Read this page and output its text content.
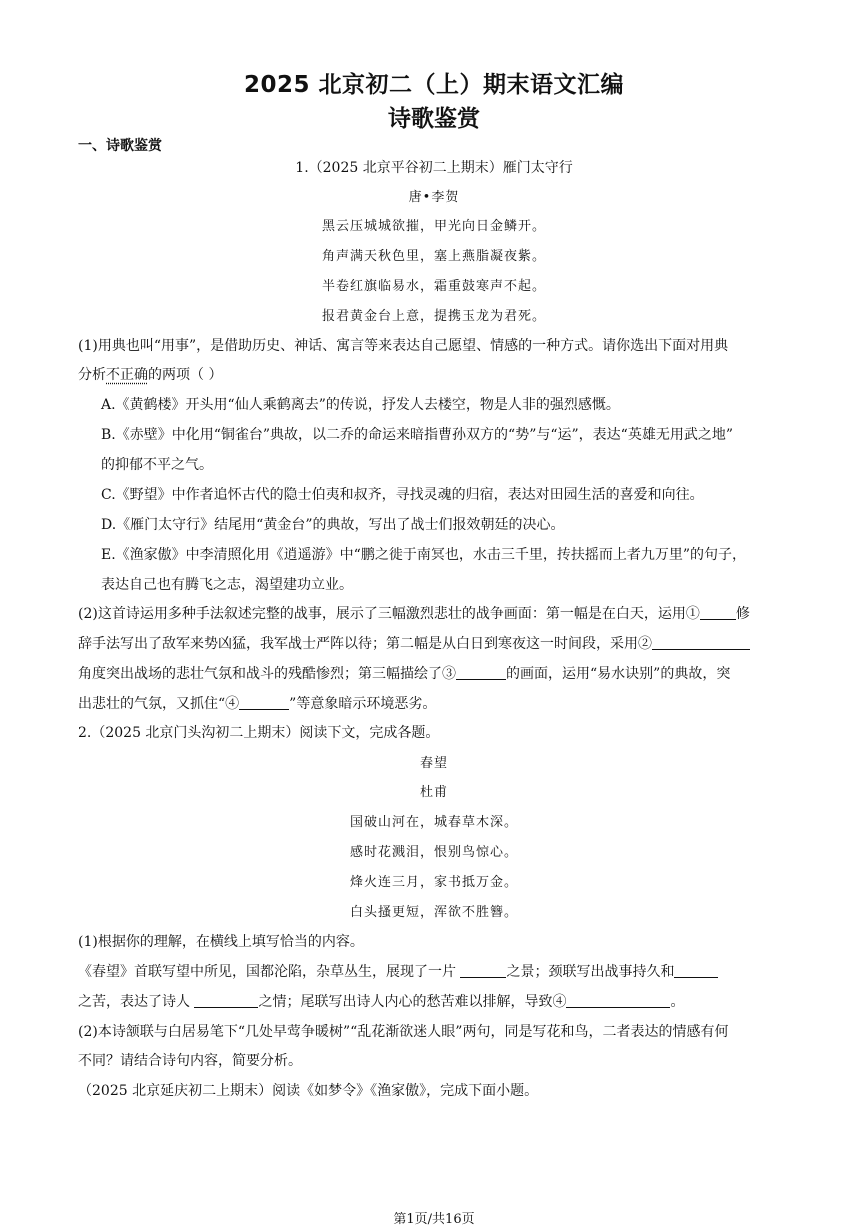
2025 北京初二（上）期末语文汇编
诗歌鉴赏
一、诗歌鉴赏
1.（2025 北京平谷初二上期末）雁门太守行
唐•李贺
黑云压城城欲摧，甲光向日金鳞开。
角声满天秋色里，塞上燕脂凝夜紫。
半卷红旗临易水，霜重鼓寒声不起。
报君黄金台上意，提携玉龙为君死。
(1)用典也叫“用事”，是借助历史、神话、寓言等来表达自己愿望、情感的一种方式。请你选出下面对用典
分析不正确的两项（ ）
A.《黄鹤楼》开头用“仙人乘鹤离去”的传说，抒发人去楼空，物是人非的强烈感慨。
B.《赤壁》中化用“铜雀台”典故，以二乔的命运来暗指曹孙双方的“势”与“运”，表达“英雄无用武之地”
的抑郁不平之气。
C.《野望》中作者追怀古代的隐士伯夷和叔齐，寻找灵魂的归宿，表达对田园生活的喜爱和向往。
D.《雁门太守行》结尾用“黄金台”的典故，写出了战士们报效朝廷的决心。
E.《渔家傲》中李清照化用《逍遥游》中“鹏之徙于南冥也，水击三千里，抟扶摇而上者九万里”的句子，
表达自己也有腾飞之志，渴望建功立业。
(2)这首诗运用多种手法叙述完整的战事，展示了三幅激烈悲壮的战争画面：第一幅是在白天，运用①	修
辞手法写出了敌军来势凶猛，我军战士严阵以待；第二幅是从白日到寒夜这一时间段，采用②
角度突出战场的悲壮气氛和战斗的残酷惨烈；第三幅描绘了③	的画面，运用“易水诀别”的典故，突
出悲壮的气氛，又抓住“④	”等意象暗示环境恶劣。
2.（2025 北京门头沟初二上期末）阅读下文，完成各题。
春望
杜甫
国破山河在，城春草木深。
感时花溅泪，恨别鸟惊心。
烽火连三月，家书抵万金。
白头搔更短，浑欲不胜簪。
(1)根据你的理解，在横线上填写恰当的内容。
《春望》首联写望中所见，国都沦陷，杂草丛生，展现了一片	之景；颈联写出战事持久和
之苦，表达了诗人	之情；尾联写出诗人内心的愁苦难以排解，导致④	。
(2)本诗颔联与白居易笔下“几处早莺争暖树”“乱花渐欲迷人眼”两句，同是写花和鸟，二者表达的情感有何
不同？请结合诗句内容，简要分析。
（2025 北京延庆初二上期末）阅读《如梦令》《渔家傲》，完成下面小题。
第1页/共16页
